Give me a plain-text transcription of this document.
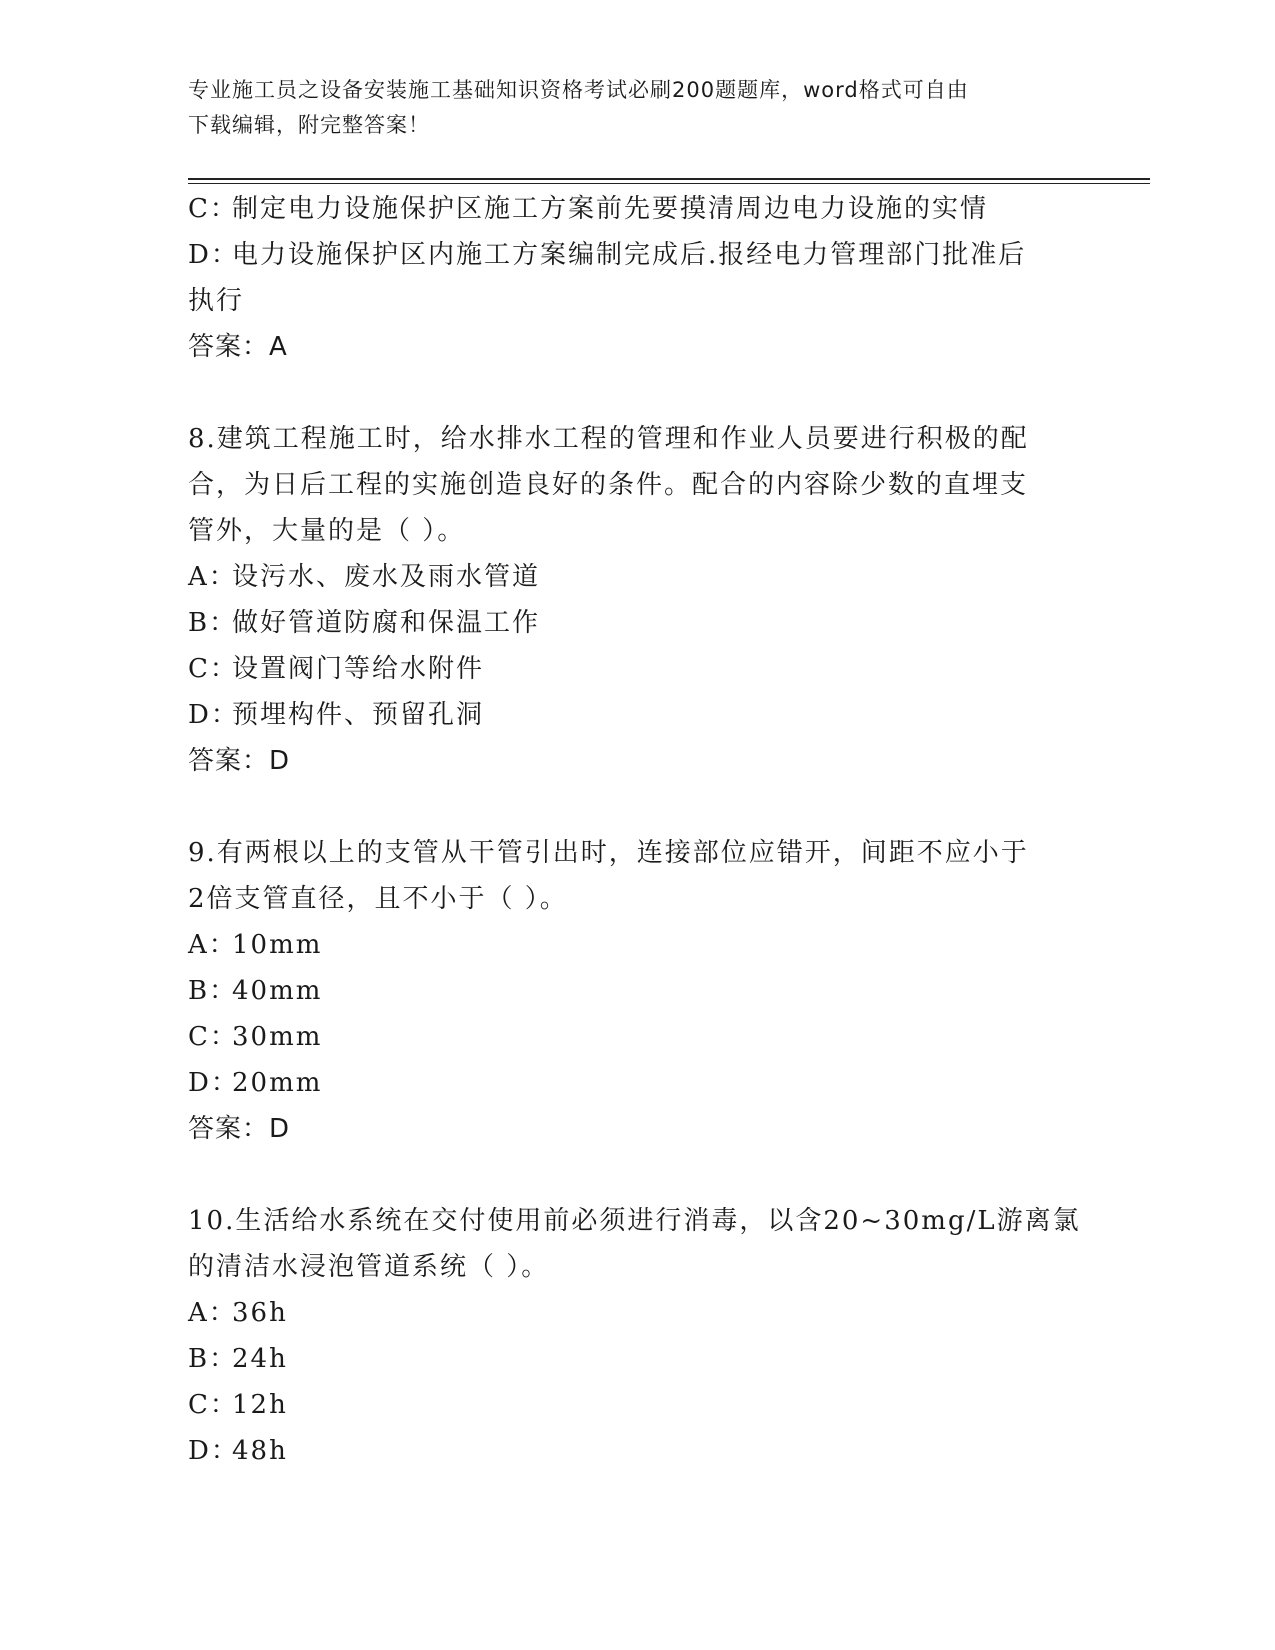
专业施工员之设备安装施工基础知识资格考试必刷200题题库，word格式可自由
下载编辑，附完整答案！
C：制定电力设施保护区施工方案前先要摸清周边电力设施的实情
D：电力设施保护区内施工方案编制完成后.报经电力管理部门批准后
执行
答案：A
8.建筑工程施工时，给水排水工程的管理和作业人员要进行积极的配
合，为日后工程的实施创造良好的条件。配合的内容除少数的直埋支
管外，大量的是（ ）。
A：设污水、废水及雨水管道
B：做好管道防腐和保温工作
C：设置阀门等给水附件
D：预埋构件、预留孔洞
答案：D
9.有两根以上的支管从干管引出时，连接部位应错开，间距不应小于
2倍支管直径，且不小于（ ）。
A：10mm
B：40mm
C：30mm
D：20mm
答案：D
10.生活给水系统在交付使用前必须进行消毒，以含20~30mg/L游离氯
的清洁水浸泡管道系统（ ）。
A：36h
B：24h
C：12h
D：48h
